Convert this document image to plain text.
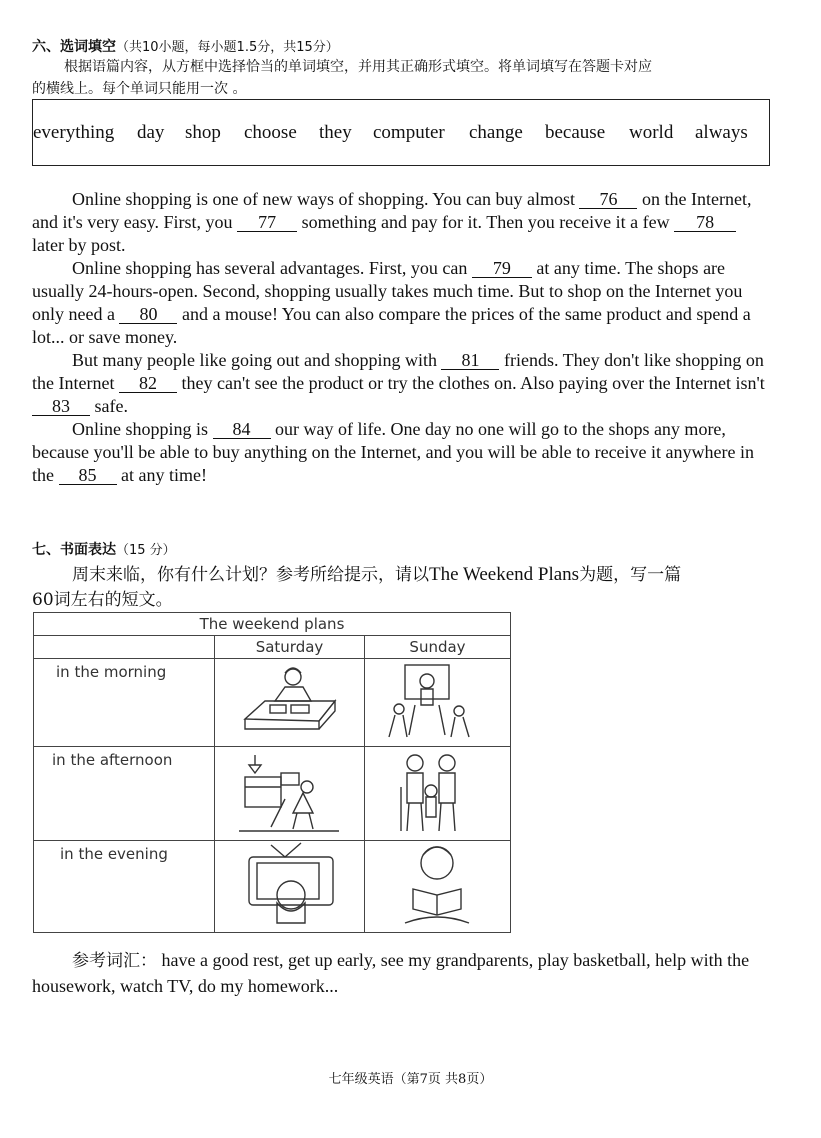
六、选词填空（共10小题，每小题1.5分，共15分）
根据语篇内容，从方框中选择恰当的单词填空，并用其正确形式填空。将单词填写在答题卡对应
的横线上。每个单词只能用一次 。
everything day shop choose they computer change because world always

Online shopping is one of new ways of shopping. You can buy almost 76 on the Internet, and it's very easy. First, you 77 something and pay for it. Then you receive it a few 78 later by post.

Online shopping has several advantages. First, you can 79 at any time. The shops are usually 24-hours-open. Second, shopping usually takes much time. But to shop on the Internet you only need a 80 and a mouse! You can also compare the prices of the same product and spend a lot... or save money.

But many people like going out and shopping with 81 friends. They don't like shopping on the Internet 82 they can't see the product or try the clothes on. Also paying over the Internet isn't 83 safe.

Online shopping is 84 our way of life. One day no one will go to the shops any more, because you'll be able to buy anything on the Internet, and you will be able to receive it anywhere in the 85 at any time!

七、书面表达（15 分）
周末来临，你有什么计划？参考所给提示，请以The Weekend Plans为题，写一篇
60词左右的短文。
The weekend plans		
	Saturday	Sunday

in the morning

in the afternoon

in the evening

参考词汇： have a good rest, get up early, see my grandparents, play basketball, help with the housework, watch TV, do my homework...
七年级英语（第7页 共8页）
